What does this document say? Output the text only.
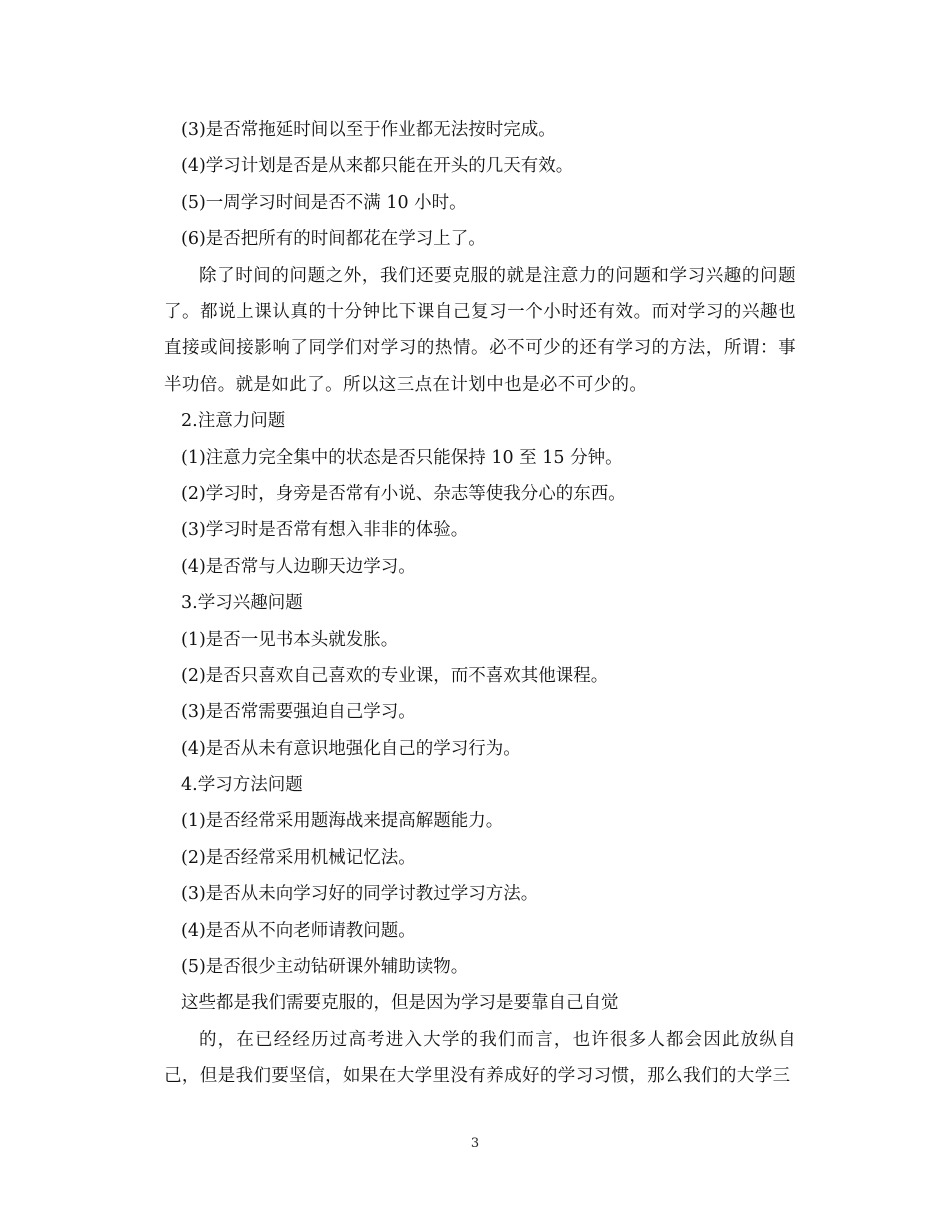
(3)是否常拖延时间以至于作业都无法按时完成。
(4)学习计划是否是从来都只能在开头的几天有效。
(5)一周学习时间是否不满 10 小时。
(6)是否把所有的时间都花在学习上了。

除了时间的问题之外，我们还要克服的就是注意力的问题和学习兴趣的问题了。都说上课认真的十分钟比下课自己复习一个小时还有效。而对学习的兴趣也直接或间接影响了同学们对学习的热情。必不可少的还有学习的方法，所谓：事半功倍。就是如此了。所以这三点在计划中也是必不可少的。

2.注意力问题
(1)注意力完全集中的状态是否只能保持 10 至 15 分钟。
(2)学习时，身旁是否常有小说、杂志等使我分心的东西。
(3)学习时是否常有想入非非的体验。
(4)是否常与人边聊天边学习。
3.学习兴趣问题
(1)是否一见书本头就发胀。
(2)是否只喜欢自己喜欢的专业课，而不喜欢其他课程。
(3)是否常需要强迫自己学习。
(4)是否从未有意识地强化自己的学习行为。
4.学习方法问题
(1)是否经常采用题海战来提高解题能力。
(2)是否经常采用机械记忆法。
(3)是否从未向学习好的同学讨教过学习方法。
(4)是否从不向老师请教问题。
(5)是否很少主动钻研课外辅助读物。
这些都是我们需要克服的，但是因为学习是要靠自己自觉

的，在已经经历过高考进入大学的我们而言，也许很多人都会因此放纵自己，但是我们要坚信，如果在大学里没有养成好的学习习惯，那么我们的大学三

3
